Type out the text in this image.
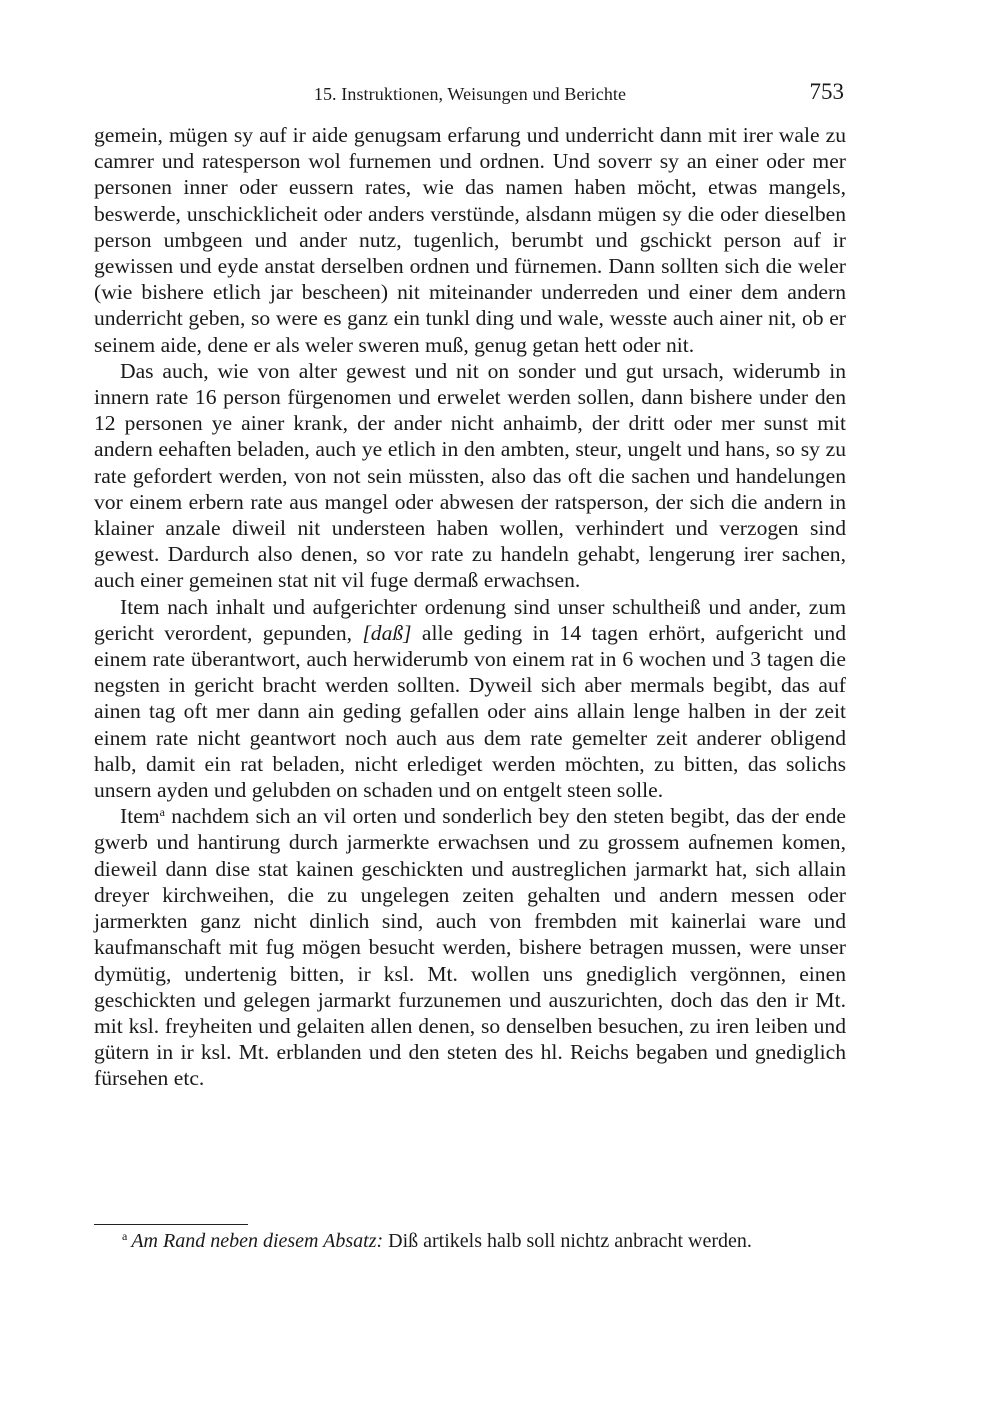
15. Instruktionen, Weisungen und Berichte	753

gemein, mügen sy auf ir aide genugsam erfarung und underricht dann mit irer wale zu camrer und ratesperson wol furnemen und ordnen. Und soverr sy an einer oder mer personen inner oder eussern rates, wie das namen haben möcht, etwas mangels, beswerde, unschicklicheit oder anders verstünde, alsdann mügen sy die oder dieselben person umbgeen und ander nutz, tugenlich, berumbt und gschickt person auf ir gewissen und eyde anstat derselben ordnen und fürnemen. Dann sollten sich die weler (wie bishere etlich jar bescheen) nit miteinander underreden und einer dem andern underricht geben, so were es ganz ein tunkl ding und wale, wesste auch ainer nit, ob er seinem aide, dene er als weler sweren muß, genug getan hett oder nit.

Das auch, wie von alter gewest und nit on sonder und gut ursach, widerumb in innern rate 16 person fürgenomen und erwelet werden sollen, dann bishere under den 12 personen ye ainer krank, der ander nicht anhaimb, der dritt oder mer sunst mit andern eehaften beladen, auch ye etlich in den ambten, steur, ungelt und hans, so sy zu rate gefordert werden, von not sein müssten, also das oft die sachen und handelungen vor einem erbern rate aus mangel oder abwesen der ratsperson, der sich die andern in klainer anzale diweil nit understeen haben wollen, verhindert und verzogen sind gewest. Dardurch also denen, so vor rate zu handeln gehabt, lengerung irer sachen, auch einer gemeinen stat nit vil fuge dermaß erwachsen.

Item nach inhalt und aufgerichter ordenung sind unser schultheiß und ander, zum gericht verordent, gepunden, [daß] alle geding in 14 tagen erhört, aufgericht und einem rate überantwort, auch herwiderumb von einem rat in 6 wochen und 3 tagen die negsten in gericht bracht werden sollten. Dyweil sich aber mermals begibt, das auf ainen tag oft mer dann ain geding gefallen oder ains allain lenge halben in der zeit einem rate nicht geantwort noch auch aus dem rate gemelter zeit anderer obligend halb, damit ein rat beladen, nicht erlediget werden möchten, zu bitten, das solichs unsern ayden und gelubden on schaden und on entgelt steen solle.

Item$^a$ nachdem sich an vil orten und sonderlich bey den steten begibt, das der ende gwerb und hantirung durch jarmerkte erwachsen und zu grossem aufnemen komen, dieweil dann dise stat kainen geschickten und austreglichen jarmarkt hat, sich allain dreyer kirchweihen, die zu ungelegen zeiten gehalten und andern messen oder jarmerkten ganz nicht dinlich sind, auch von frembden mit kainerlai ware und kaufmanschaft mit fug mögen besucht werden, bishere betragen mussen, were unser dymütig, undertenig bitten, ir ksl. Mt. wollen uns gnediglich vergönnen, einen geschickten und gelegen jarmarkt furzunemen und auszurichten, doch das den ir Mt. mit ksl. freyheiten und gelaiten allen denen, so denselben besuchen, zu iren leiben und gütern in ir ksl. Mt. erblanden und den steten des hl. Reichs begaben und gnediglich fürsehen etc.

$^a$ Am Rand neben diesem Absatz: Diß artikels halb soll nichtz anbracht werden.
